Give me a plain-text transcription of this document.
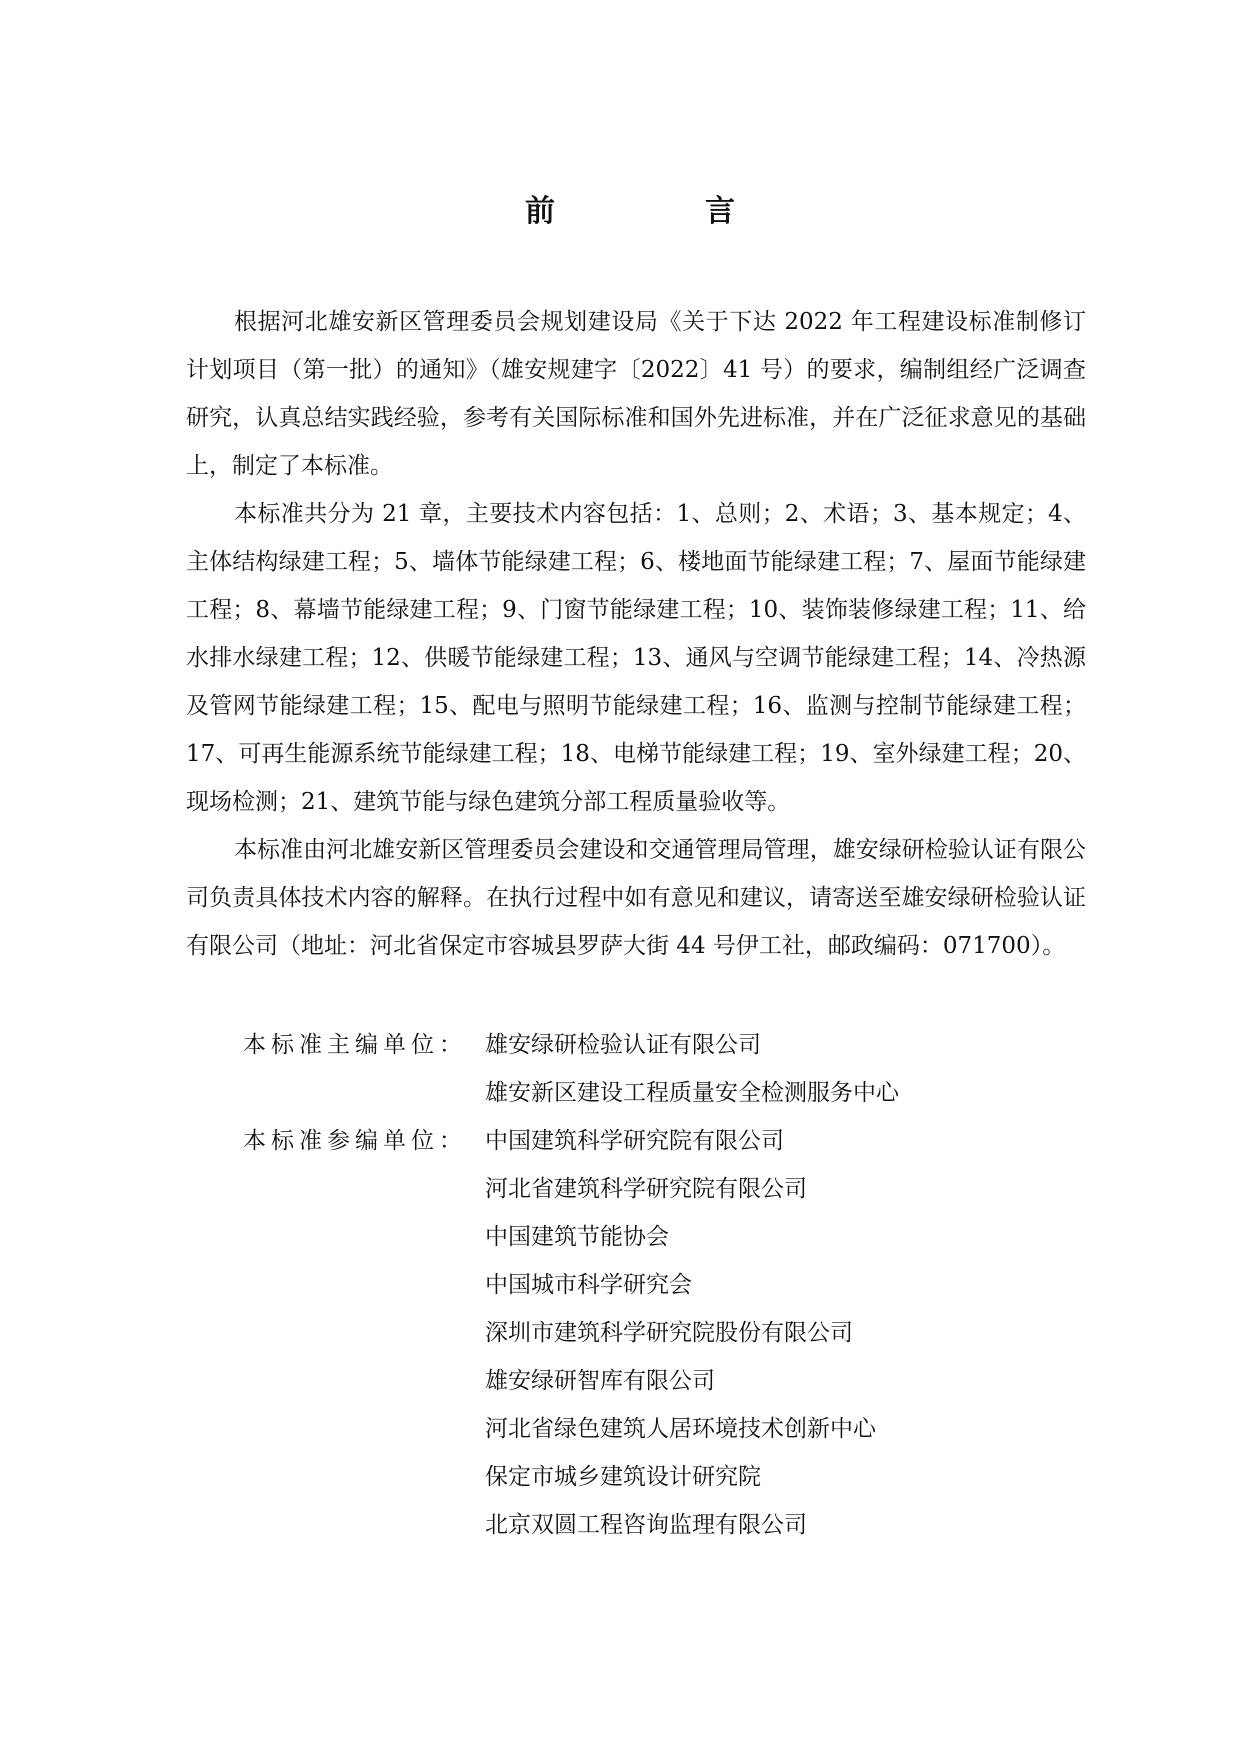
前　言

根据河北雄安新区管理委员会规划建设局《关于下达 2022 年工程建设标准制修订计划项目（第一批）的通知》（雄安规建字〔2022〕41 号）的要求，编制组经广泛调查研究，认真总结实践经验，参考有关国际标准和国外先进标准，并在广泛征求意见的基础上，制定了本标准。

本标准共分为 21 章，主要技术内容包括：1、总则；2、术语；3、基本规定；4、主体结构绿建工程；5、墙体节能绿建工程；6、楼地面节能绿建工程；7、屋面节能绿建工程；8、幕墙节能绿建工程；9、门窗节能绿建工程；10、装饰装修绿建工程；11、给水排水绿建工程；12、供暖节能绿建工程；13、通风与空调节能绿建工程；14、冷热源及管网节能绿建工程；15、配电与照明节能绿建工程；16、监测与控制节能绿建工程；17、可再生能源系统节能绿建工程；18、电梯节能绿建工程；19、室外绿建工程；20、现场检测；21、建筑节能与绿色建筑分部工程质量验收等。

本标准由河北雄安新区管理委员会建设和交通管理局管理，雄安绿研检验认证有限公司负责具体技术内容的解释。在执行过程中如有意见和建议，请寄送至雄安绿研检验认证有限公司（地址：河北省保定市容城县罗萨大街 44 号伊工社，邮政编码：071700）。

本标准主编单位： 雄安绿研检验认证有限公司
雄安新区建设工程质量安全检测服务中心
本标准参编单位： 中国建筑科学研究院有限公司
河北省建筑科学研究院有限公司
中国建筑节能协会
中国城市科学研究会
深圳市建筑科学研究院股份有限公司
雄安绿研智库有限公司
河北省绿色建筑人居环境技术创新中心
保定市城乡建筑设计研究院
北京双圆工程咨询监理有限公司
